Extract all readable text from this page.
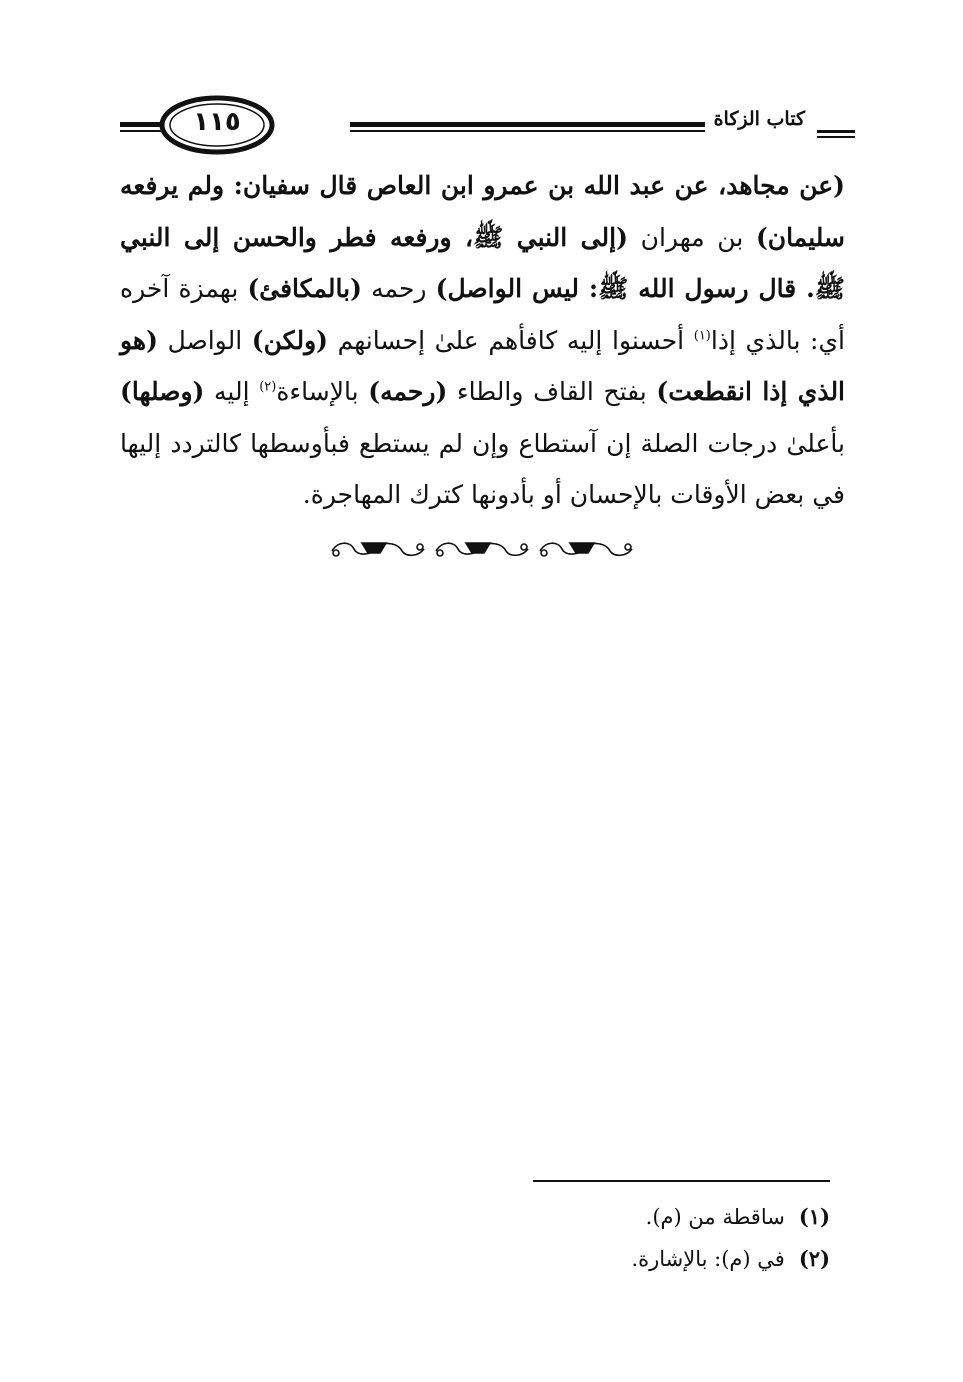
١١٥	كتاب الزكاة
(عن مجاهد، عن عبد الله بن عمرو ابن العاص قال سفيان: ولم يرفعه سليمان) بن مهران (إلى النبي ﷺ، ورفعه فطر والحسن إلى النبي ﷺ. قال رسول الله ﷺ: ليس الواصل) رحمه (بالمكافئ) بهمزة آخره أي: بالذي إذا$^{(١)}$ أحسنوا إليه كافأهم علىٰ إحسانهم (ولكن) الواصل (هو الذي إذا انقطعت) بفتح القاف والطاء (رحمه) بالإساءة$^{(٢)}$ إليه (وصلها) بأعلىٰ درجات الصلة إن آستطاع وإن لم يستطع فبأوسطها كالتردد إليها في بعض الأوقات بالإحسان أو بأدونها كترك المهاجرة.
(١)ساقطة من (م).
(٢)في (م): بالإشارة.
